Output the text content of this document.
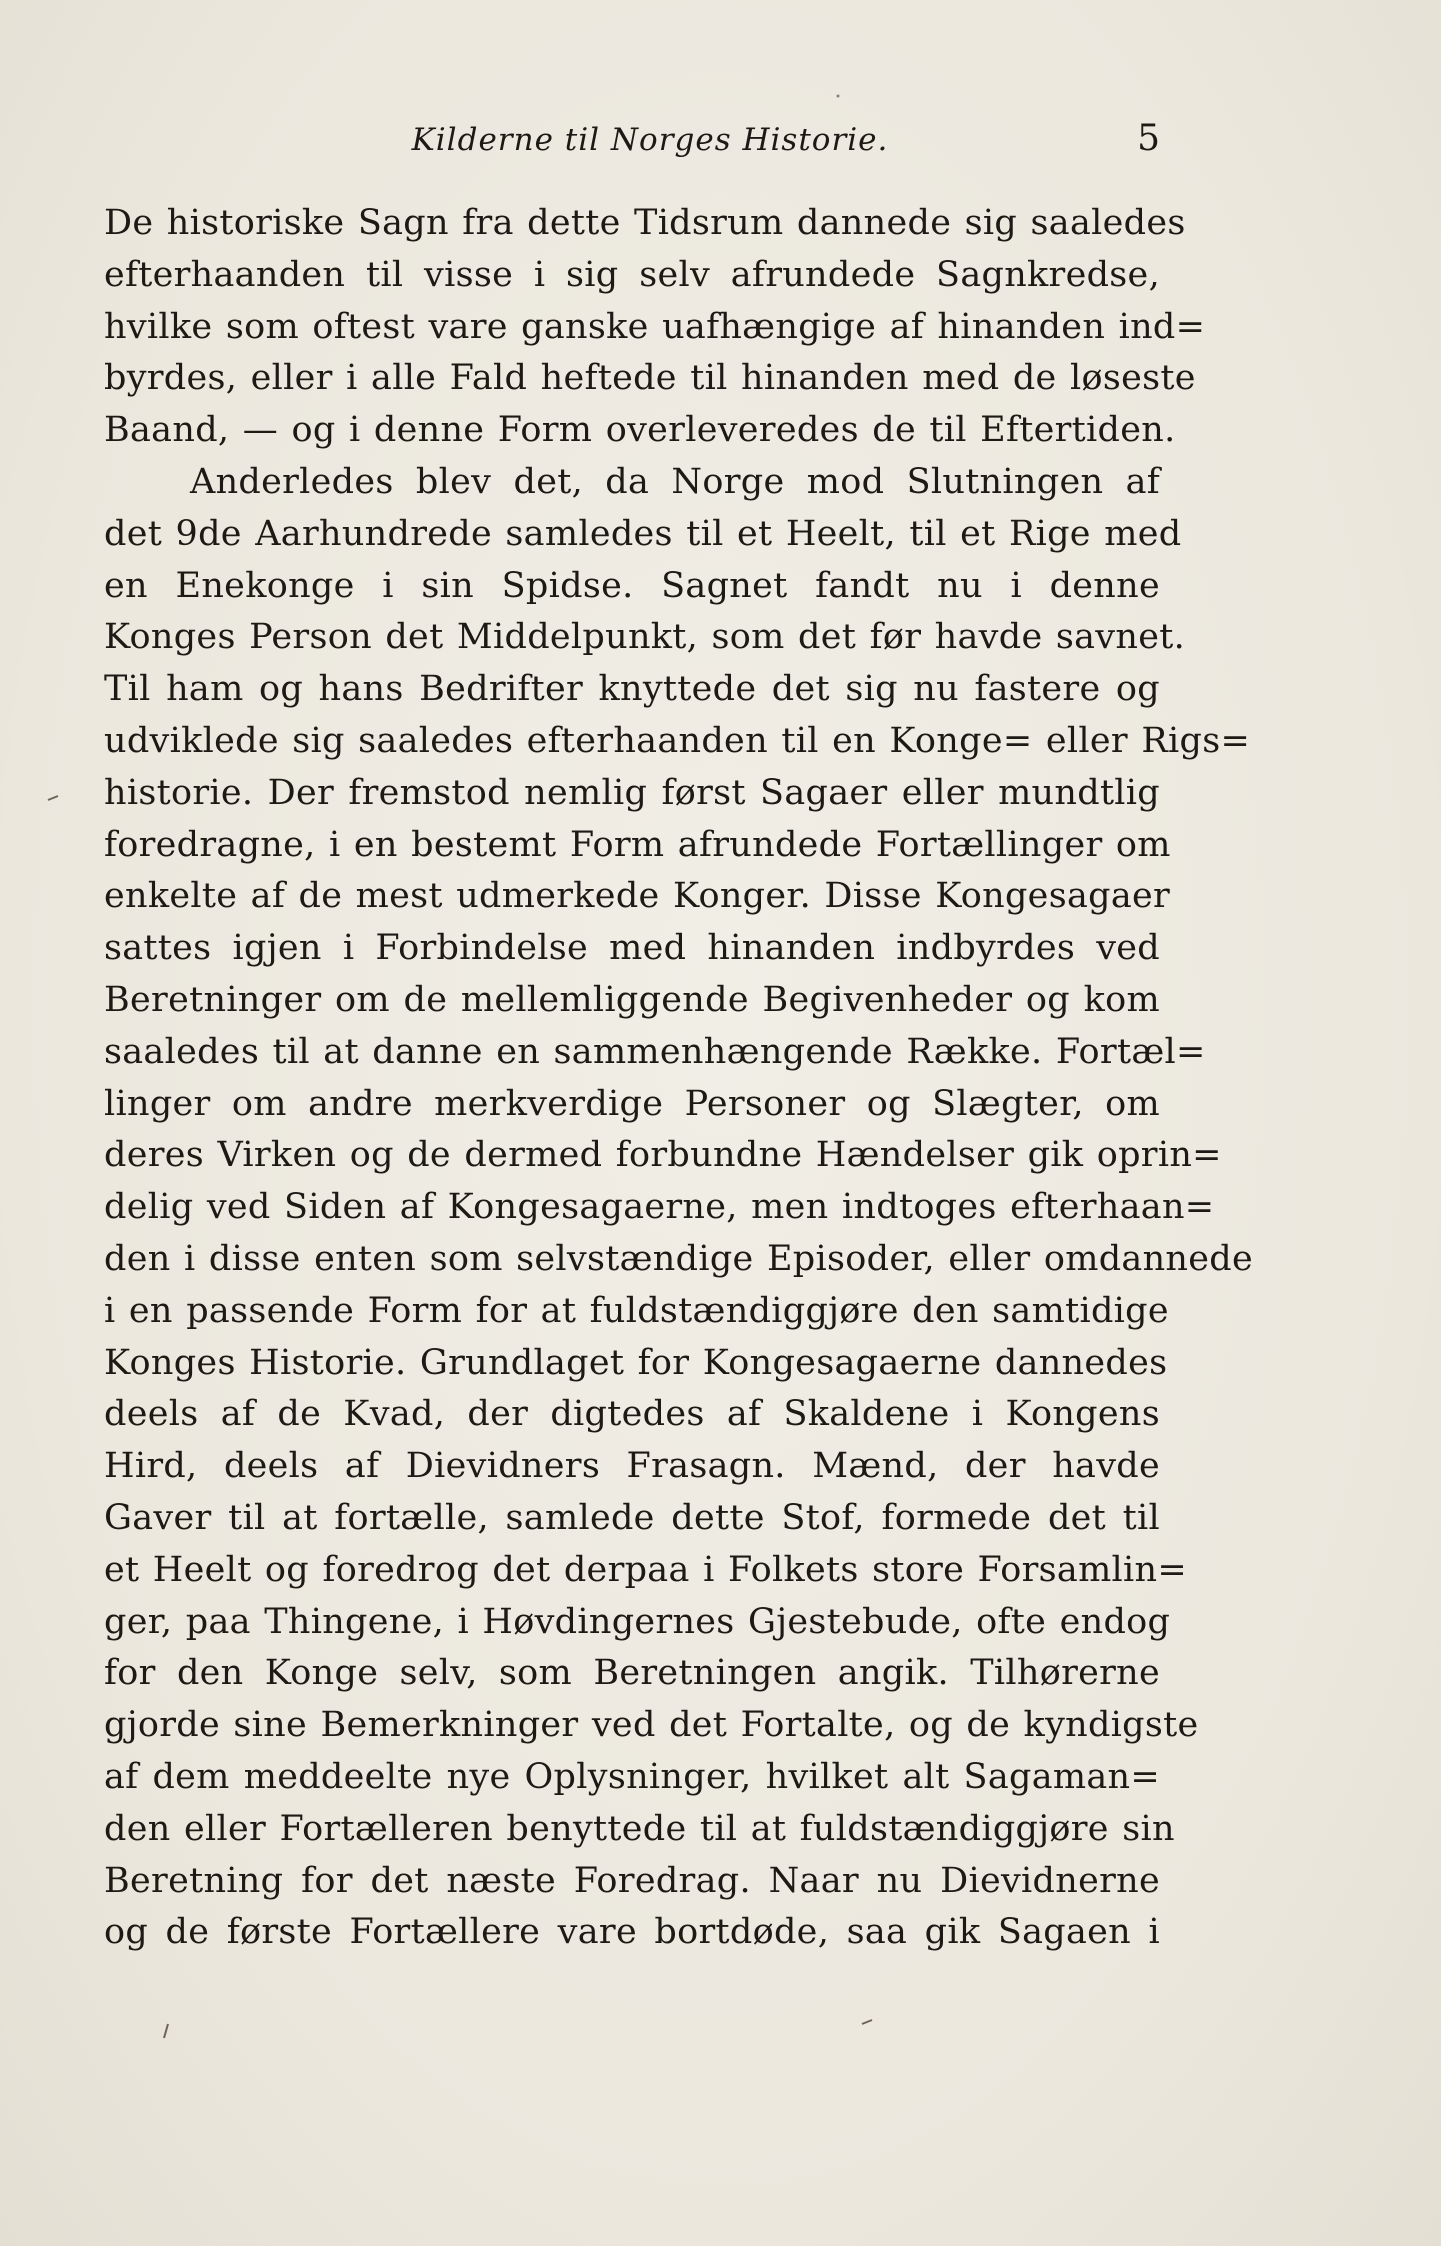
Kilderne til Norges Historie.	5
De historiske Sagn fra dette Tidsrum dannede sig saaledes
efterhaanden til visse i sig selv afrundede Sagnkredse,
hvilke som oftest vare ganske uafhængige af hinanden ind=
byrdes, eller i alle Fald heftede til hinanden med de løseste
Baand, — og i denne Form overleveredes de til Eftertiden.
Anderledes blev det, da Norge mod Slutningen af
det 9de Aarhundrede samledes til et Heelt, til et Rige med
en Enekonge i sin Spidse. Sagnet fandt nu i denne
Konges Person det Middelpunkt, som det før havde savnet.
Til ham og hans Bedrifter knyttede det sig nu fastere og
udviklede sig saaledes efterhaanden til en Konge= eller Rigs=
historie. Der fremstod nemlig først Sagaer eller mundtlig
foredragne, i en bestemt Form afrundede Fortællinger om
enkelte af de mest udmerkede Konger. Disse Kongesagaer
sattes igjen i Forbindelse med hinanden indbyrdes ved
Beretninger om de mellemliggende Begivenheder og kom
saaledes til at danne en sammenhængende Række. Fortæl=
linger om andre merkverdige Personer og Slægter, om
deres Virken og de dermed forbundne Hændelser gik oprin=
delig ved Siden af Kongesagaerne, men indtoges efterhaan=
den i disse enten som selvstændige Episoder, eller omdannede
i en passende Form for at fuldstændiggjøre den samtidige
Konges Historie. Grundlaget for Kongesagaerne dannedes
deels af de Kvad, der digtedes af Skaldene i Kongens
Hird, deels af Dievidners Frasagn. Mænd, der havde
Gaver til at fortælle, samlede dette Stof, formede det til
et Heelt og foredrog det derpaa i Folkets store Forsamlin=
ger, paa Thingene, i Høvdingernes Gjestebude, ofte endog
for den Konge selv, som Beretningen angik. Tilhørerne
gjorde sine Bemerkninger ved det Fortalte, og de kyndigste
af dem meddeelte nye Oplysninger, hvilket alt Sagaman=
den eller Fortælleren benyttede til at fuldstændiggjøre sin
Beretning for det næste Foredrag. Naar nu Dievidnerne
og de første Fortællere vare bortdøde, saa gik Sagaen i
